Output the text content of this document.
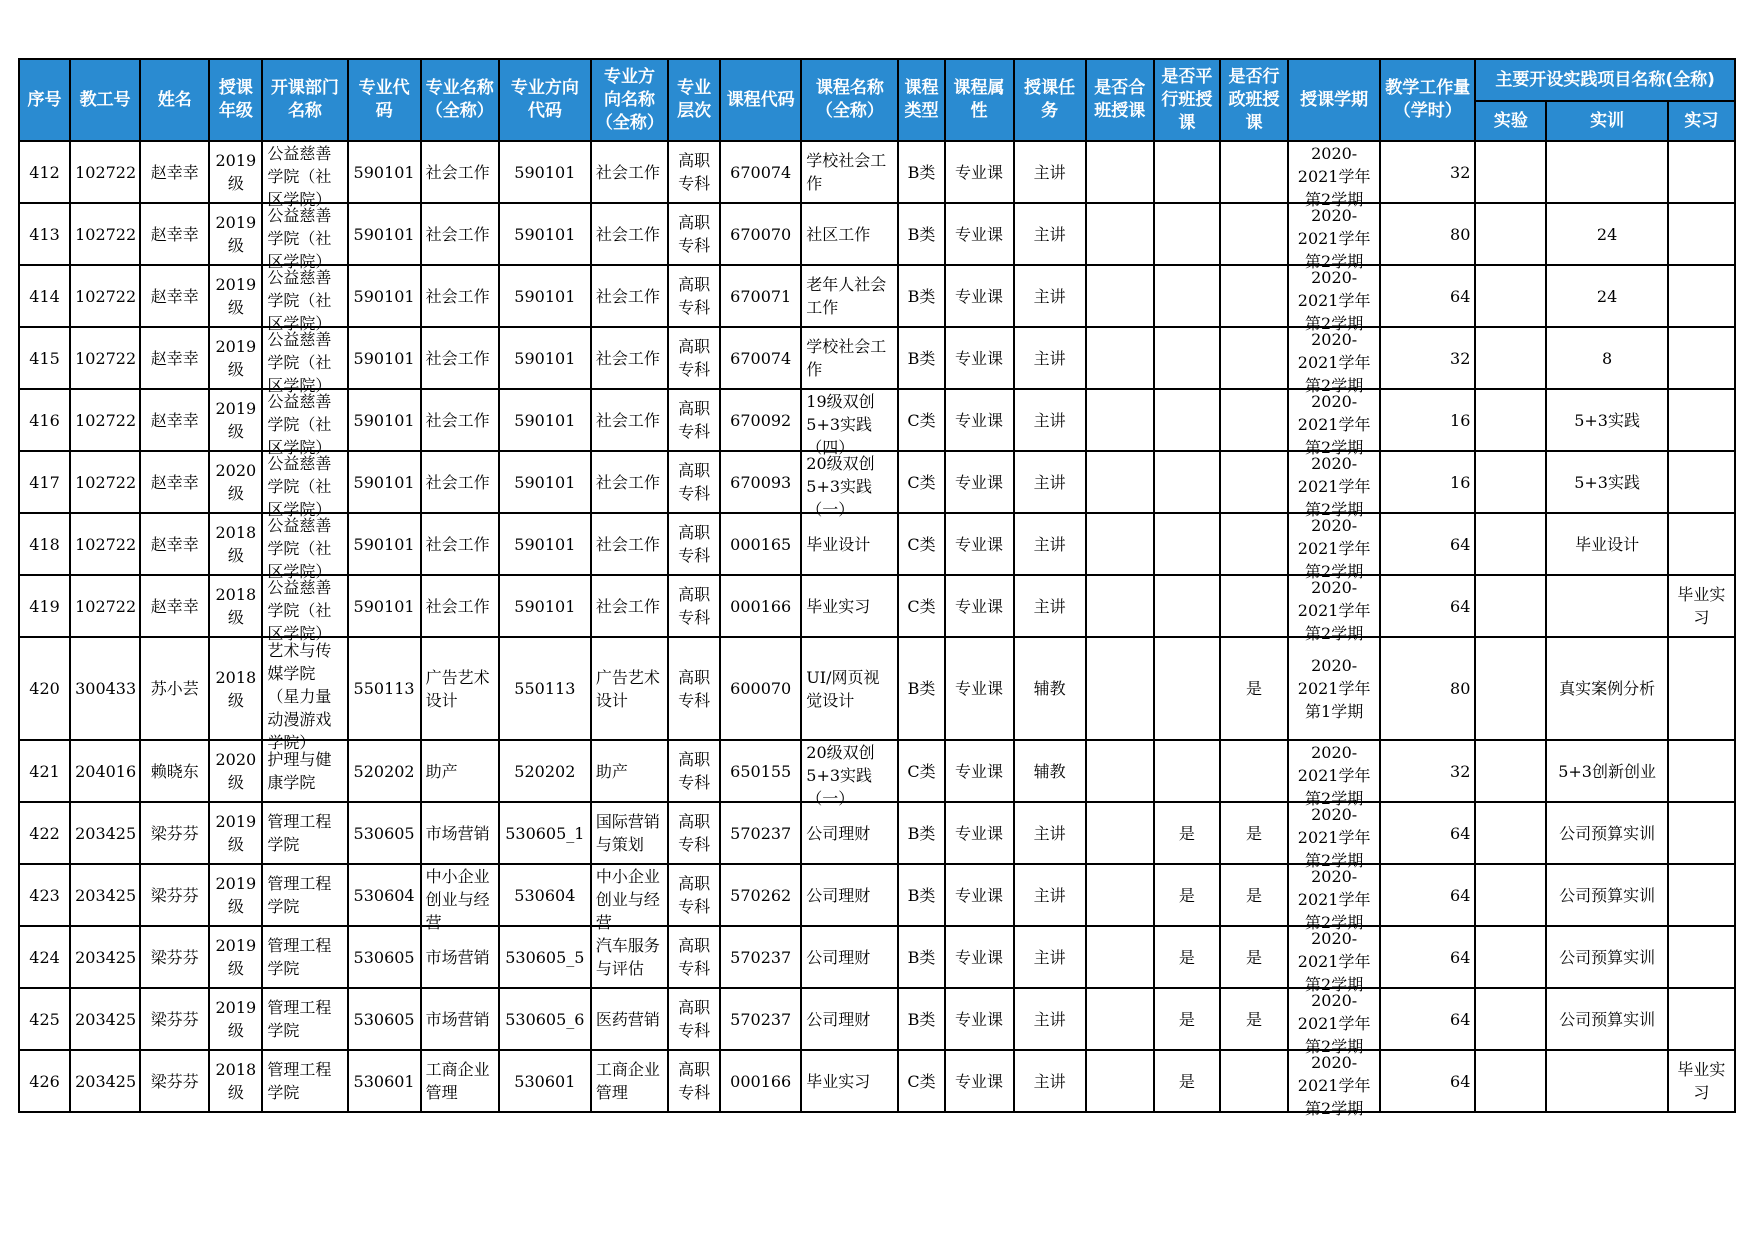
序号	教工号	姓名	授课年级	开课部门名称	专业代码	专业名称（全称）	专业方向代码	专业方向名称（全称）	专业层次	课程代码	课程名称（全称）	课程类型	课程属性	授课任务	是否合班授课	是否平行班授课	是否行政班授课	授课学期	教学工作量（学时）	主要开设实践项目名称(全称)		

																				实验	实训	实习

412	102722	赵幸幸	2019级	公益慈善学院（社区学院）	590101	社会工作	590101	社会工作	高职专科	670074	学校社会工作	B类	专业课	主讲				2020-2021学年第2学期	32			

413	102722	赵幸幸	2019级	公益慈善学院（社区学院）	590101	社会工作	590101	社会工作	高职专科	670070	社区工作	B类	专业课	主讲				2020-2021学年第2学期	80		24	

414	102722	赵幸幸	2019级	公益慈善学院（社区学院）	590101	社会工作	590101	社会工作	高职专科	670071	老年人社会工作	B类	专业课	主讲				2020-2021学年第2学期	64		24	

415	102722	赵幸幸	2019级	公益慈善学院（社区学院）	590101	社会工作	590101	社会工作	高职专科	670074	学校社会工作	B类	专业课	主讲				2020-2021学年第2学期	32		8	

416	102722	赵幸幸	2019级	公益慈善学院（社区学院）	590101	社会工作	590101	社会工作	高职专科	670092	19级双创5+3实践（四）	C类	专业课	主讲				2020-2021学年第2学期	16		5+3实践	

417	102722	赵幸幸	2020级	公益慈善学院（社区学院）	590101	社会工作	590101	社会工作	高职专科	670093	20级双创5+3实践（一）	C类	专业课	主讲				2020-2021学年第2学期	16		5+3实践	

418	102722	赵幸幸	2018级	公益慈善学院（社区学院）	590101	社会工作	590101	社会工作	高职专科	000165	毕业设计	C类	专业课	主讲				2020-2021学年第2学期	64		毕业设计	

419	102722	赵幸幸	2018级	公益慈善学院（社区学院）	590101	社会工作	590101	社会工作	高职专科	000166	毕业实习	C类	专业课	主讲				2020-2021学年第2学期	64			毕业实习

420	300433	苏小芸	2018级	艺术与传媒学院（星力量动漫游戏学院）	550113	广告艺术设计	550113	广告艺术设计	高职专科	600070	UI/网页视觉设计	B类	专业课	辅教			是	2020-2021学年第1学期	80		真实案例分析	

421	204016	赖晓东	2020级	护理与健康学院	520202	助产	520202	助产	高职专科	650155	20级双创5+3实践（一）	C类	专业课	辅教				2020-2021学年第2学期	32		5+3创新创业	

422	203425	梁芬芬	2019级	管理工程学院	530605	市场营销	530605_1	国际营销与策划	高职专科	570237	公司理财	B类	专业课	主讲		是	是	2020-2021学年第2学期	64		公司预算实训	

423	203425	梁芬芬	2019级	管理工程学院	530604	中小企业创业与经营	530604	中小企业创业与经营	高职专科	570262	公司理财	B类	专业课	主讲		是	是	2020-2021学年第2学期	64		公司预算实训	

424	203425	梁芬芬	2019级	管理工程学院	530605	市场营销	530605_5	汽车服务与评估	高职专科	570237	公司理财	B类	专业课	主讲		是	是	2020-2021学年第2学期	64		公司预算实训	

425	203425	梁芬芬	2019级	管理工程学院	530605	市场营销	530605_6	医药营销	高职专科	570237	公司理财	B类	专业课	主讲		是	是	2020-2021学年第2学期	64		公司预算实训	

426	203425	梁芬芬	2018级	管理工程学院	530601	工商企业管理	530601	工商企业管理	高职专科	000166	毕业实习	C类	专业课	主讲		是		2020-2021学年第2学期	64			毕业实习
